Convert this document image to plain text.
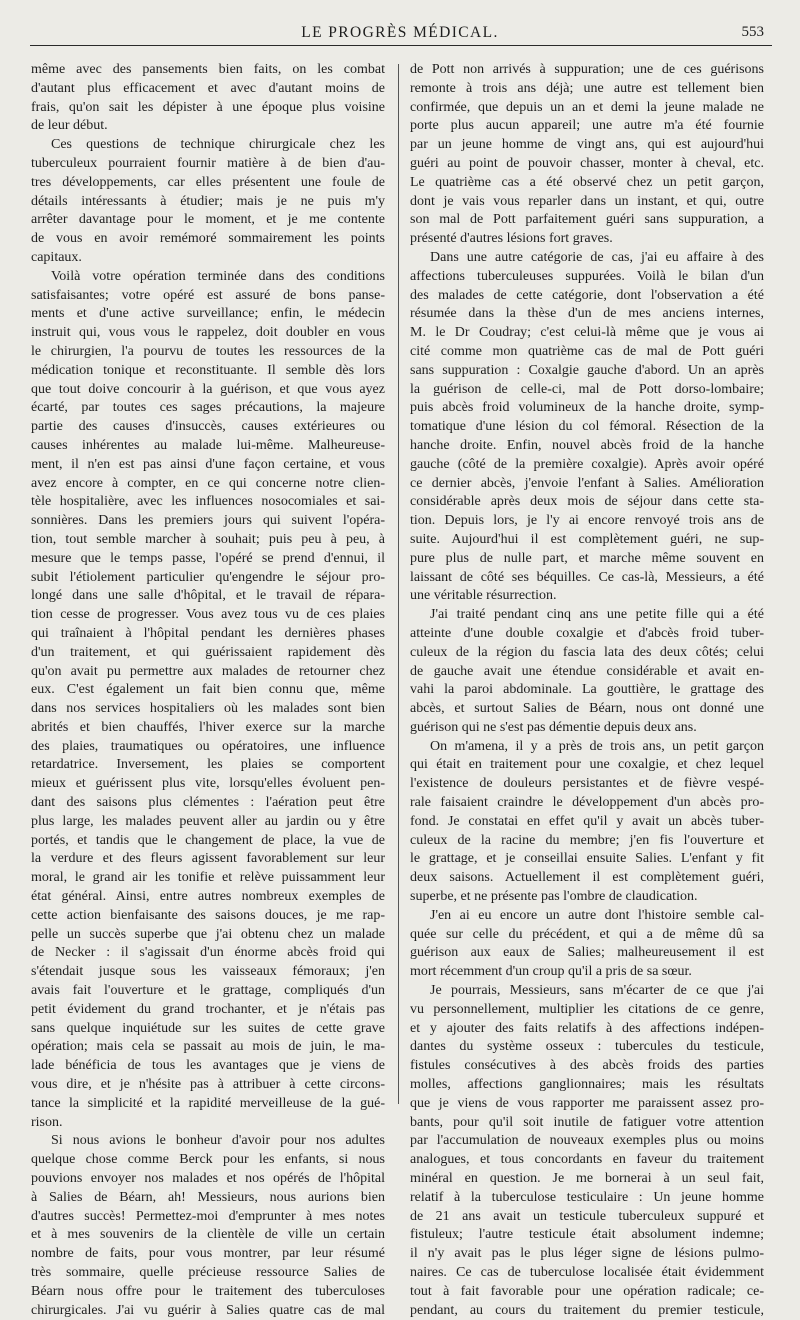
LE PROGRÈS MÉDICAL.	553
même avec des pansements bien faits, on les combat
d'autant plus efficacement et avec d'autant moins de
frais, qu'on sait les dépister à une époque plus voisine
de leur début.
Ces questions de technique chirurgicale chez les
tuberculeux pourraient fournir matière à de bien d'au-
tres développements, car elles présentent une foule de
détails intéressants à étudier; mais je ne puis m'y
arrêter davantage pour le moment, et je me contente
de vous en avoir remémoré sommairement les points
capitaux.
Voilà votre opération terminée dans des conditions
satisfaisantes; votre opéré est assuré de bons panse-
ments et d'une active surveillance; enfin, le médecin
instruit qui, vous vous le rappelez, doit doubler en vous
le chirurgien, l'a pourvu de toutes les ressources de la
médication tonique et reconstituante. Il semble dès lors
que tout doive concourir à la guérison, et que vous ayez
écarté, par toutes ces sages précautions, la majeure
partie des causes d'insuccès, causes extérieures ou
causes inhérentes au malade lui-même. Malheureuse-
ment, il n'en est pas ainsi d'une façon certaine, et vous
avez encore à compter, en ce qui concerne notre clien-
tèle hospitalière, avec les influences nosocomiales et sai-
sonnières. Dans les premiers jours qui suivent l'opéra-
tion, tout semble marcher à souhait; puis peu à peu, à
mesure que le temps passe, l'opéré se prend d'ennui, il
subit l'étiolement particulier qu'engendre le séjour pro-
longé dans une salle d'hôpital, et le travail de répara-
tion cesse de progresser. Vous avez tous vu de ces plaies
qui traînaient à l'hôpital pendant les dernières phases
d'un traitement, et qui guérissaient rapidement dès
qu'on avait pu permettre aux malades de retourner chez
eux. C'est également un fait bien connu que, même
dans nos services hospitaliers où les malades sont bien
abrités et bien chauffés, l'hiver exerce sur la marche
des plaies, traumatiques ou opératoires, une influence
retardatrice. Inversement, les plaies se comportent
mieux et guérissent plus vite, lorsqu'elles évoluent pen-
dant des saisons plus clémentes : l'aération peut être
plus large, les malades peuvent aller au jardin ou y être
portés, et tandis que le changement de place, la vue de
la verdure et des fleurs agissent favorablement sur leur
moral, le grand air les tonifie et relève puissamment leur
état général. Ainsi, entre autres nombreux exemples de
cette action bienfaisante des saisons douces, je me rap-
pelle un succès superbe que j'ai obtenu chez un malade
de Necker : il s'agissait d'un énorme abcès froid qui
s'étendait jusque sous les vaisseaux fémoraux; j'en
avais fait l'ouverture et le grattage, compliqués d'un
petit évidement du grand trochanter, et je n'étais pas
sans quelque inquiétude sur les suites de cette grave
opération; mais cela se passait au mois de juin, le ma-
lade bénéficia de tous les avantages que je viens de
vous dire, et je n'hésite pas à attribuer à cette circons-
tance la simplicité et la rapidité merveilleuse de la gué-
rison.
Si nous avions le bonheur d'avoir pour nos adultes
quelque chose comme Berck pour les enfants, si nous
pouvions envoyer nos malades et nos opérés de l'hôpital
à Salies de Béarn, ah! Messieurs, nous aurions bien
d'autres succès! Permettez-moi d'emprunter à mes notes
et à mes souvenirs de la clientèle de ville un certain
nombre de faits, pour vous montrer, par leur résumé
très sommaire, quelle précieuse ressource Salies de
Béarn nous offre pour le traitement des tuberculoses
chirurgicales. J'ai vu guérir à Salies quatre cas de mal
de Pott non arrivés à suppuration; une de ces guérisons
remonte à trois ans déjà; une autre est tellement bien
confirmée, que depuis un an et demi la jeune malade ne
porte plus aucun appareil; une autre m'a été fournie
par un jeune homme de vingt ans, qui est aujourd'hui
guéri au point de pouvoir chasser, monter à cheval, etc.
Le quatrième cas a été observé chez un petit garçon,
dont je vais vous reparler dans un instant, et qui, outre
son mal de Pott parfaitement guéri sans suppuration, a
présenté d'autres lésions fort graves.
Dans une autre catégorie de cas, j'ai eu affaire à des
affections tuberculeuses suppurées. Voilà le bilan d'un
des malades de cette catégorie, dont l'observation a été
résumée dans la thèse d'un de mes anciens internes,
M. le Dr Coudray; c'est celui-là même que je vous ai
cité comme mon quatrième cas de mal de Pott guéri
sans suppuration : Coxalgie gauche d'abord. Un an après
la guérison de celle-ci, mal de Pott dorso-lombaire;
puis abcès froid volumineux de la hanche droite, symp-
tomatique d'une lésion du col fémoral. Résection de la
hanche droite. Enfin, nouvel abcès froid de la hanche
gauche (côté de la première coxalgie). Après avoir opéré
ce dernier abcès, j'envoie l'enfant à Salies. Amélioration
considérable après deux mois de séjour dans cette sta-
tion. Depuis lors, je l'y ai encore renvoyé trois ans de
suite. Aujourd'hui il est complètement guéri, ne sup-
pure plus de nulle part, et marche même souvent en
laissant de côté ses béquilles. Ce cas-là, Messieurs, a été
une véritable résurrection.
J'ai traité pendant cinq ans une petite fille qui a été
atteinte d'une double coxalgie et d'abcès froid tuber-
culeux de la région du fascia lata des deux côtés; celui
de gauche avait une étendue considérable et avait en-
vahi la paroi abdominale. La gouttière, le grattage des
abcès, et surtout Salies de Béarn, nous ont donné une
guérison qui ne s'est pas démentie depuis deux ans.
On m'amena, il y a près de trois ans, un petit garçon
qui était en traitement pour une coxalgie, et chez lequel
l'existence de douleurs persistantes et de fièvre vespé-
rale faisaient craindre le développement d'un abcès pro-
fond. Je constatai en effet qu'il y avait un abcès tuber-
culeux de la racine du membre; j'en fis l'ouverture et
le grattage, et je conseillai ensuite Salies. L'enfant y fit
deux saisons. Actuellement il est complètement guéri,
superbe, et ne présente pas l'ombre de claudication.
J'en ai eu encore un autre dont l'histoire semble cal-
quée sur celle du précédent, et qui a de même dû sa
guérison aux eaux de Salies; malheureusement il est
mort récemment d'un croup qu'il a pris de sa sœur.
Je pourrais, Messieurs, sans m'écarter de ce que j'ai
vu personnellement, multiplier les citations de ce genre,
et y ajouter des faits relatifs à des affections indépen-
dantes du système osseux : tubercules du testicule,
fistules consécutives à des abcès froids des parties
molles, affections ganglionnaires; mais les résultats
que je viens de vous rapporter me paraissent assez pro-
bants, pour qu'il soit inutile de fatiguer votre attention
par l'accumulation de nouveaux exemples plus ou moins
analogues, et tous concordants en faveur du traitement
minéral en question. Je me bornerai à un seul fait,
relatif à la tuberculose testiculaire : Un jeune homme
de 21 ans avait un testicule tuberculeux suppuré et
fistuleux; l'autre testicule était absolument indemne;
il n'y avait pas le plus léger signe de lésions pulmo-
naires. Ce cas de tuberculose localisée était évidemment
tout à fait favorable pour une opération radicale; ce-
pendant, au cours du traitement du premier testicule,
